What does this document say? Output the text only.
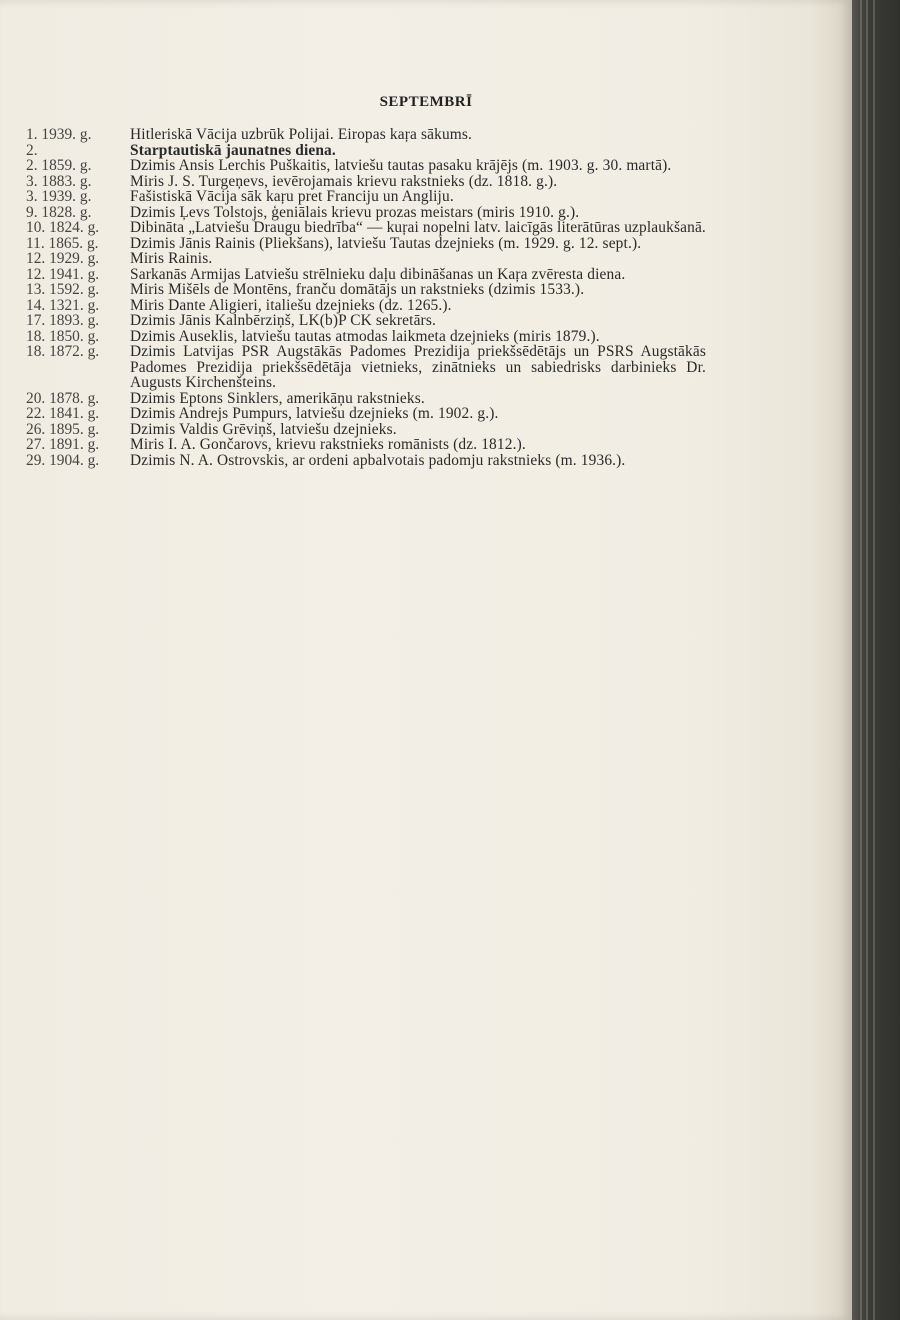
SEPTEMBRĪ
1. 1939. g.	Hitleriskā Vācija uzbrūk Polijai. Eiropas kaŗa sākums.
2.	Starptautiskā jaunatnes diena.
2. 1859. g.	Dzimis Ansis Lerchis Puškaitis, latviešu tautas pasaku krājējs (m. 1903. g. 30. martā).
3. 1883. g.	Miris J. S. Turgeņevs, ievērojamais krievu rakstnieks (dz. 1818. g.).
3. 1939. g.	Fašistiskā Vācija sāk kaŗu pret Franciju un Angliju.
9. 1828. g.	Dzimis Ļevs Tolstojs, ģeniālais krievu prozas meistars (miris 1910. g.).
10. 1824. g.	Dibināta „Latviešu Draugu biedrība“ — kuŗai nopelni latv. laicīgās literātūras uzplaukšanā.
11. 1865. g.	Dzimis Jānis Rainis (Pliekšans), latviešu Tautas dzejnieks (m. 1929. g. 12. sept.).
12. 1929. g.	Miris Rainis.
12. 1941. g.	Sarkanās Armijas Latviešu strēlnieku daļu dibināšanas un Kaŗa zvēresta diena.
13. 1592. g.	Miris Mišēls de Montēns, franču domātājs un rakstnieks (dzimis 1533.).
14. 1321. g.	Miris Dante Aligieri, italiešu dzejnieks (dz. 1265.).
17. 1893. g.	Dzimis Jānis Kalnbērziņš, LK(b)P CK sekretārs.
18. 1850. g.	Dzimis Auseklis, latviešu tautas atmodas laikmeta dzejnieks (miris 1879.).
18. 1872. g.	Dzimis Latvijas PSR Augstākās Padomes Prezidija priekšsēdētājs un PSRS Augstākās Padomes Prezidija priekšsēdētāja vietnieks, zinātnieks un sabiedrisks darbinieks Dr. Augusts Kirchenšteins.
20. 1878. g.	Dzimis Eptons Sinklers, amerikāņu rakstnieks.
22. 1841. g.	Dzimis Andrejs Pumpurs, latviešu dzejnieks (m. 1902. g.).
26. 1895. g.	Dzimis Valdis Grēviņš, latviešu dzejnieks.
27. 1891. g.	Miris I. A. Gončarovs, krievu rakstnieks romānists (dz. 1812.).
29. 1904. g.	Dzimis N. A. Ostrovskis, ar ordeni apbalvotais padomju rakstnieks (m. 1936.).
